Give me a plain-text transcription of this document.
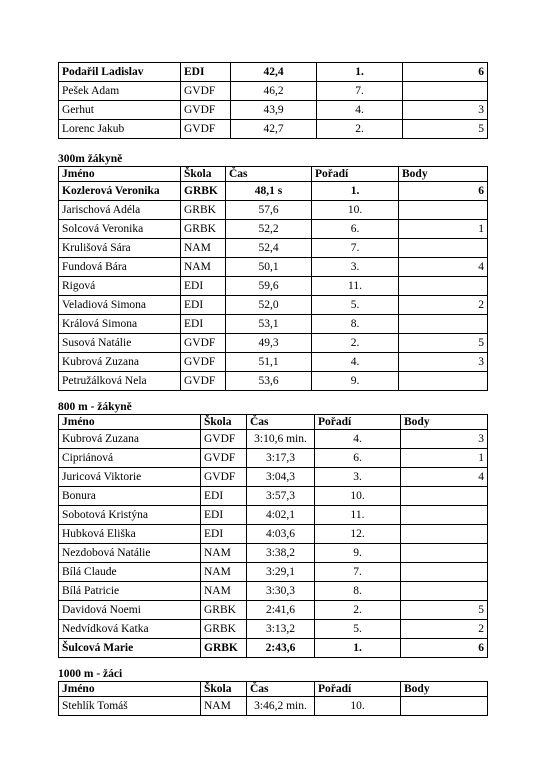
Podařil Ladislav	EDI	42,4	1.	6
Pešek Adam	GVDF	46,2	7.	
Gerhut	GVDF	43,9	4.	3
Lorenc Jakub	GVDF	42,7	2.	5
300m žákyně
Jméno	Škola	Čas	Pořadí	Body
Kozlerová Veronika	GRBK	48,1 s	1.	6
Jarischová Adéla	GRBK	57,6	10.	
Solcová Veronika	GRBK	52,2	6.	1
Krulišová Sára	NAM	52,4	7.	
Fundová Bára	NAM	50,1	3.	4
Rigová	EDI	59,6	11.	
Veladiová Simona	EDI	52,0	5.	2
Králová Simona	EDI	53,1	8.	
Susová Natálie	GVDF	49,3	2.	5
Kubrová Zuzana	GVDF	51,1	4.	3
Petružálková Nela	GVDF	53,6	9.	
800 m - žákyně
Jméno	Škola	Čas	Pořadí	Body
Kubrová Zuzana	GVDF	3:10,6 min.	4.	3
Cipriánová	GVDF	3:17,3	6.	1
Juricová Viktorie	GVDF	3:04,3	3.	4
Bonura	EDI	3:57,3	10.	
Sobotová Kristýna	EDI	4:02,1	11.	
Hubková Eliška	EDI	4:03,6	12.	
Nezdobová Natálie	NAM	3:38,2	9.	
Bílá Claude	NAM	3:29,1	7.	
Bílá Patricie	NAM	3:30,3	8.	
Davidová Noemi	GRBK	2:41,6	2.	5
Nedvídková Katka	GRBK	3:13,2	5.	2
Šulcová Marie	GRBK	2:43,6	1.	6
1000 m - žáci
Jméno	Škola	Čas	Pořadí	Body
Stehlík Tomáš	NAM	3:46,2 min.	10.	
